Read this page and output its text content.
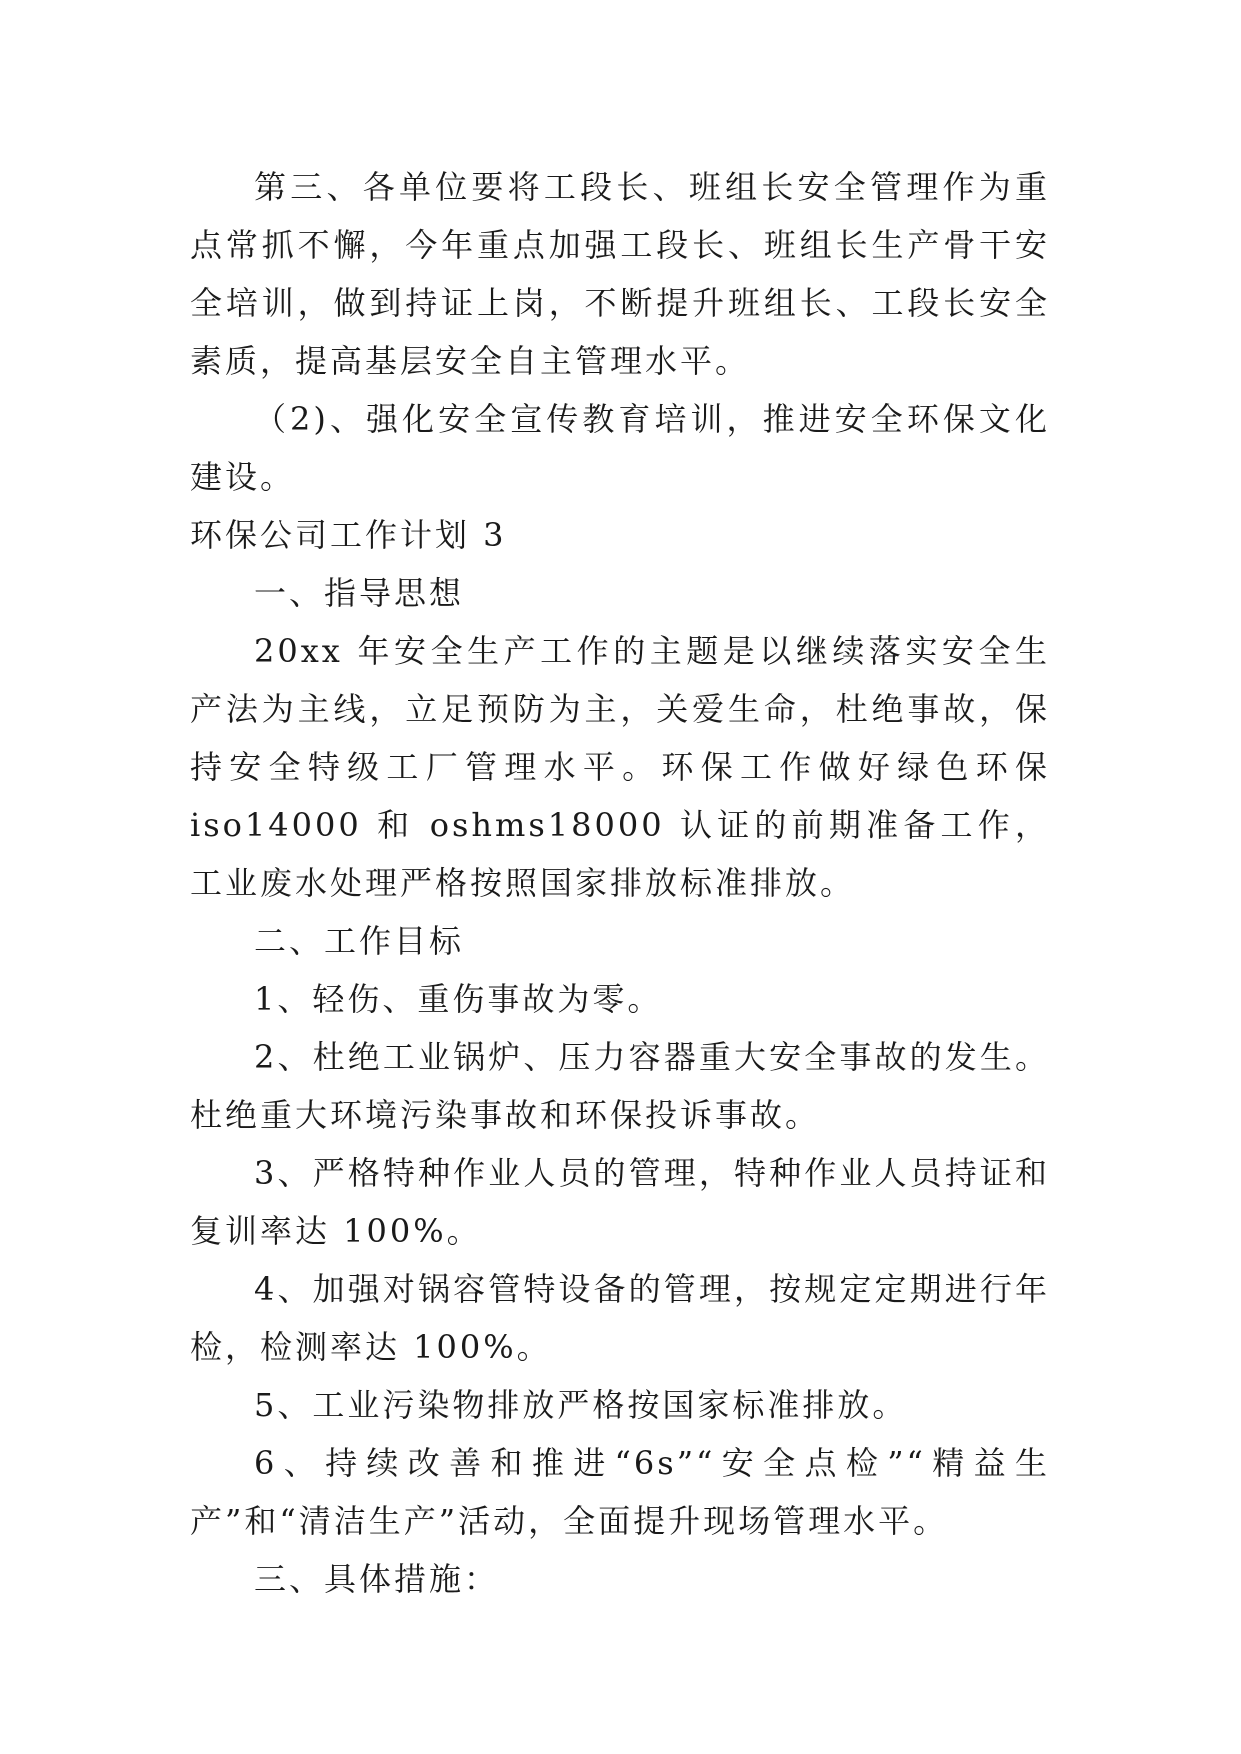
第三、各单位要将工段长、班组长安全管理作为重点常抓不懈，今年重点加强工段长、班组长生产骨干安全培训，做到持证上岗，不断提升班组长、工段长安全素质，提高基层安全自主管理水平。

（2)、强化安全宣传教育培训，推进安全环保文化建设。

环保公司工作计划 3

一、指导思想

20xx 年安全生产工作的主题是以继续落实安全生产法为主线，立足预防为主，关爱生命，杜绝事故，保持安全特级工厂管理水平。环保工作做好绿色环保 iso14000 和 oshms18000 认证的前期准备工作，工业废水处理严格按照国家排放标准排放。

二、工作目标

1、轻伤、重伤事故为零。

2、杜绝工业锅炉、压力容器重大安全事故的发生。杜绝重大环境污染事故和环保投诉事故。

3、严格特种作业人员的管理，特种作业人员持证和复训率达 100%。

4、加强对锅容管特设备的管理，按规定定期进行年检，检测率达 100%。

5、工业污染物排放严格按国家标准排放。

6、持续改善和推进“6s”“安全点检”“精益生产”和“清洁生产”活动，全面提升现场管理水平。

三、具体措施：
